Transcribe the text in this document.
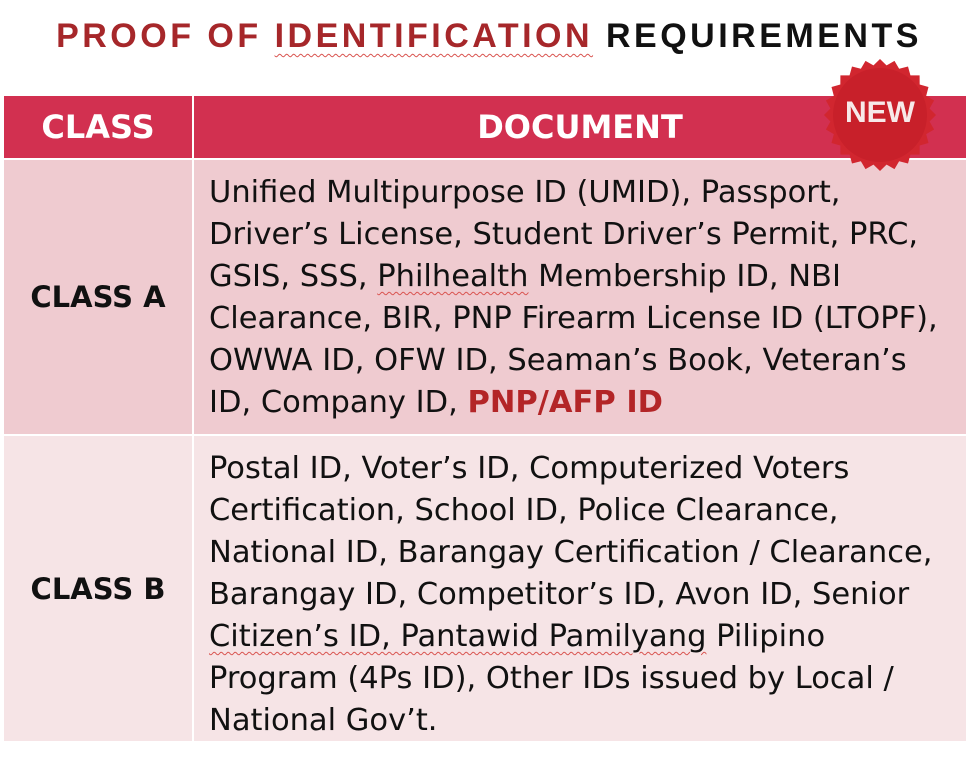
PROOF OF IDENTIFICATION REQUIREMENTS
CLASS	DOCUMENT
CLASS A
Unified Multipurpose ID (UMID), Passport, Driver’s License, Student Driver’s Permit, PRC, GSIS, SSS, Philhealth Membership ID, NBI Clearance, BIR, PNP Firearm License ID (LTOPF), OWWA ID, OFW ID, Seaman’s Book, Veteran’s ID, Company ID, PNP/AFP ID
CLASS B
Postal ID, Voter’s ID, Computerized Voters Certification, School ID, Police Clearance, National ID, Barangay Certification / Clearance, Barangay ID, Competitor’s ID, Avon ID, Senior Citizen’s ID, Pantawid Pamilyang Pilipino Program (4Ps ID), Other IDs issued by Local / National Gov’t.
NEW
